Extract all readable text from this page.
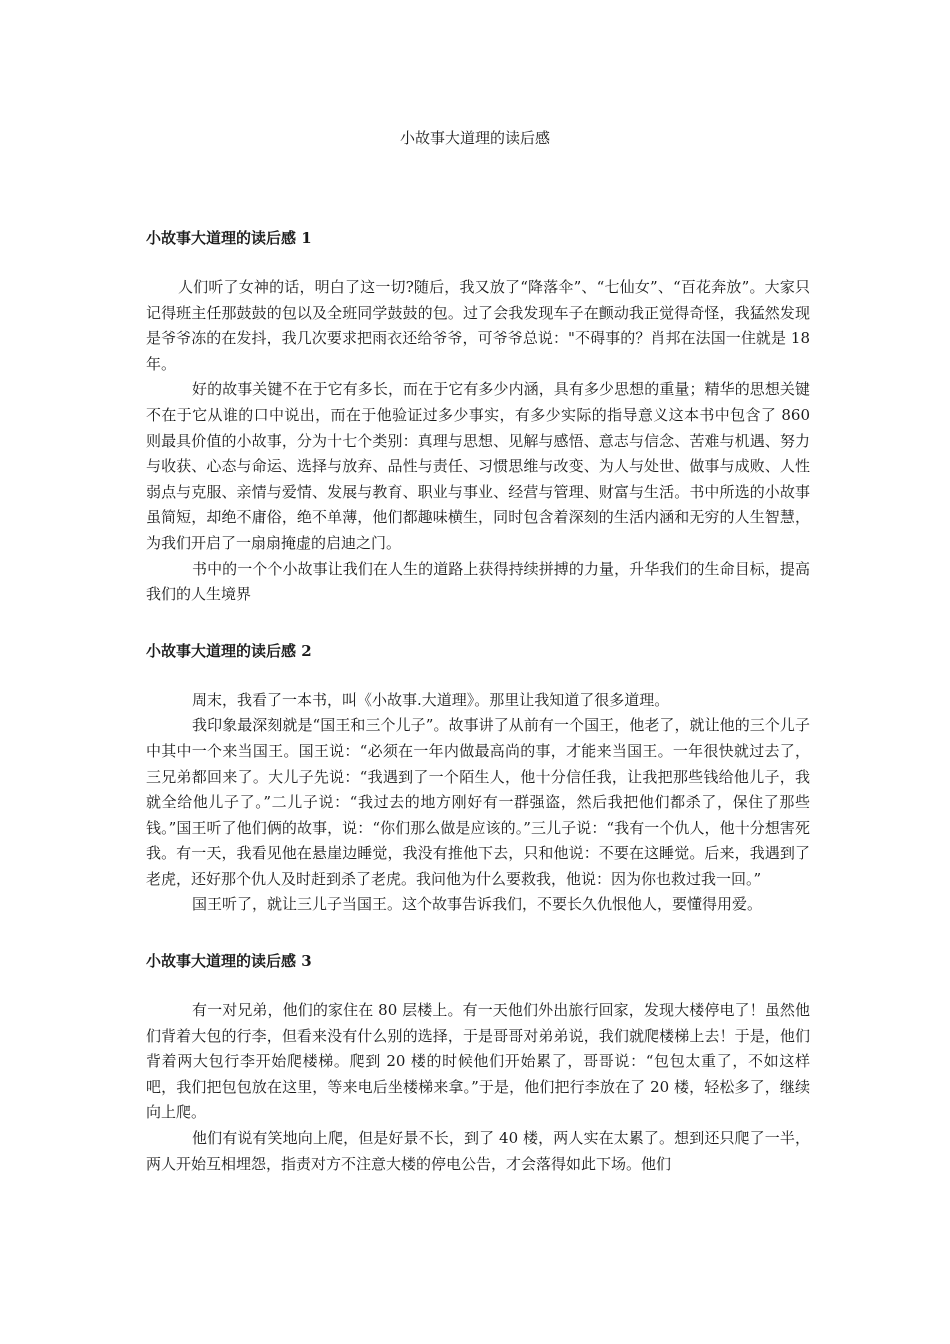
小故事大道理的读后感
小故事大道理的读后感 1

人们听了女神的话，明白了这一切?随后，我又放了“降落伞”、“七仙女”、“百花奔放”。大家只记得班主任那鼓鼓的包以及全班同学鼓鼓的包。过了会我发现车子在颤动我正觉得奇怪，我猛然发现是爷爷冻的在发抖，我几次要求把雨衣还给爷爷，可爷爷总说："不碍事的？肖邦在法国一住就是 18 年。

好的故事关键不在于它有多长，而在于它有多少内涵，具有多少思想的重量；精华的思想关键不在于它从谁的口中说出，而在于他验证过多少事实，有多少实际的指导意义这本书中包含了 860 则最具价值的小故事，分为十七个类别：真理与思想、见解与感悟、意志与信念、苦难与机遇、努力与收获、心态与命运、选择与放弃、品性与责任、习惯思维与改变、为人与处世、做事与成败、人性弱点与克服、亲情与爱情、发展与教育、职业与事业、经营与管理、财富与生活。书中所选的小故事虽简短，却绝不庸俗，绝不单薄，他们都趣味横生，同时包含着深刻的生活内涵和无穷的人生智慧，为我们开启了一扇扇掩虚的启迪之门。

书中的一个个小故事让我们在人生的道路上获得持续拼搏的力量，升华我们的生命目标，提高我们的人生境界

小故事大道理的读后感 2

周末，我看了一本书，叫《小故事.大道理》。那里让我知道了很多道理。

我印象最深刻就是“国王和三个儿子”。故事讲了从前有一个国王，他老了，就让他的三个儿子中其中一个来当国王。国王说：“必须在一年内做最高尚的事，才能来当国王。一年很快就过去了，三兄弟都回来了。大儿子先说：“我遇到了一个陌生人，他十分信任我，让我把那些钱给他儿子，我就全给他儿子了。”二儿子说：“我过去的地方刚好有一群强盗，然后我把他们都杀了，保住了那些钱。”国王听了他们俩的故事，说：“你们那么做是应该的。”三儿子说：“我有一个仇人，他十分想害死我。有一天，我看见他在悬崖边睡觉，我没有推他下去，只和他说：不要在这睡觉。后来，我遇到了老虎，还好那个仇人及时赶到杀了老虎。我问他为什么要救我，他说：因为你也救过我一回。”

国王听了，就让三儿子当国王。这个故事告诉我们，不要长久仇恨他人，要懂得用爱。

小故事大道理的读后感 3

有一对兄弟，他们的家住在 80 层楼上。有一天他们外出旅行回家，发现大楼停电了！虽然他们背着大包的行李，但看来没有什么别的选择，于是哥哥对弟弟说，我们就爬楼梯上去！于是，他们背着两大包行李开始爬楼梯。爬到 20 楼的时候他们开始累了，哥哥说：“包包太重了，不如这样吧，我们把包包放在这里，等来电后坐楼梯来拿。”于是，他们把行李放在了 20 楼，轻松多了，继续向上爬。

他们有说有笑地向上爬，但是好景不长，到了 40 楼，两人实在太累了。想到还只爬了一半，两人开始互相埋怨，指责对方不注意大楼的停电公告，才会落得如此下场。他们
